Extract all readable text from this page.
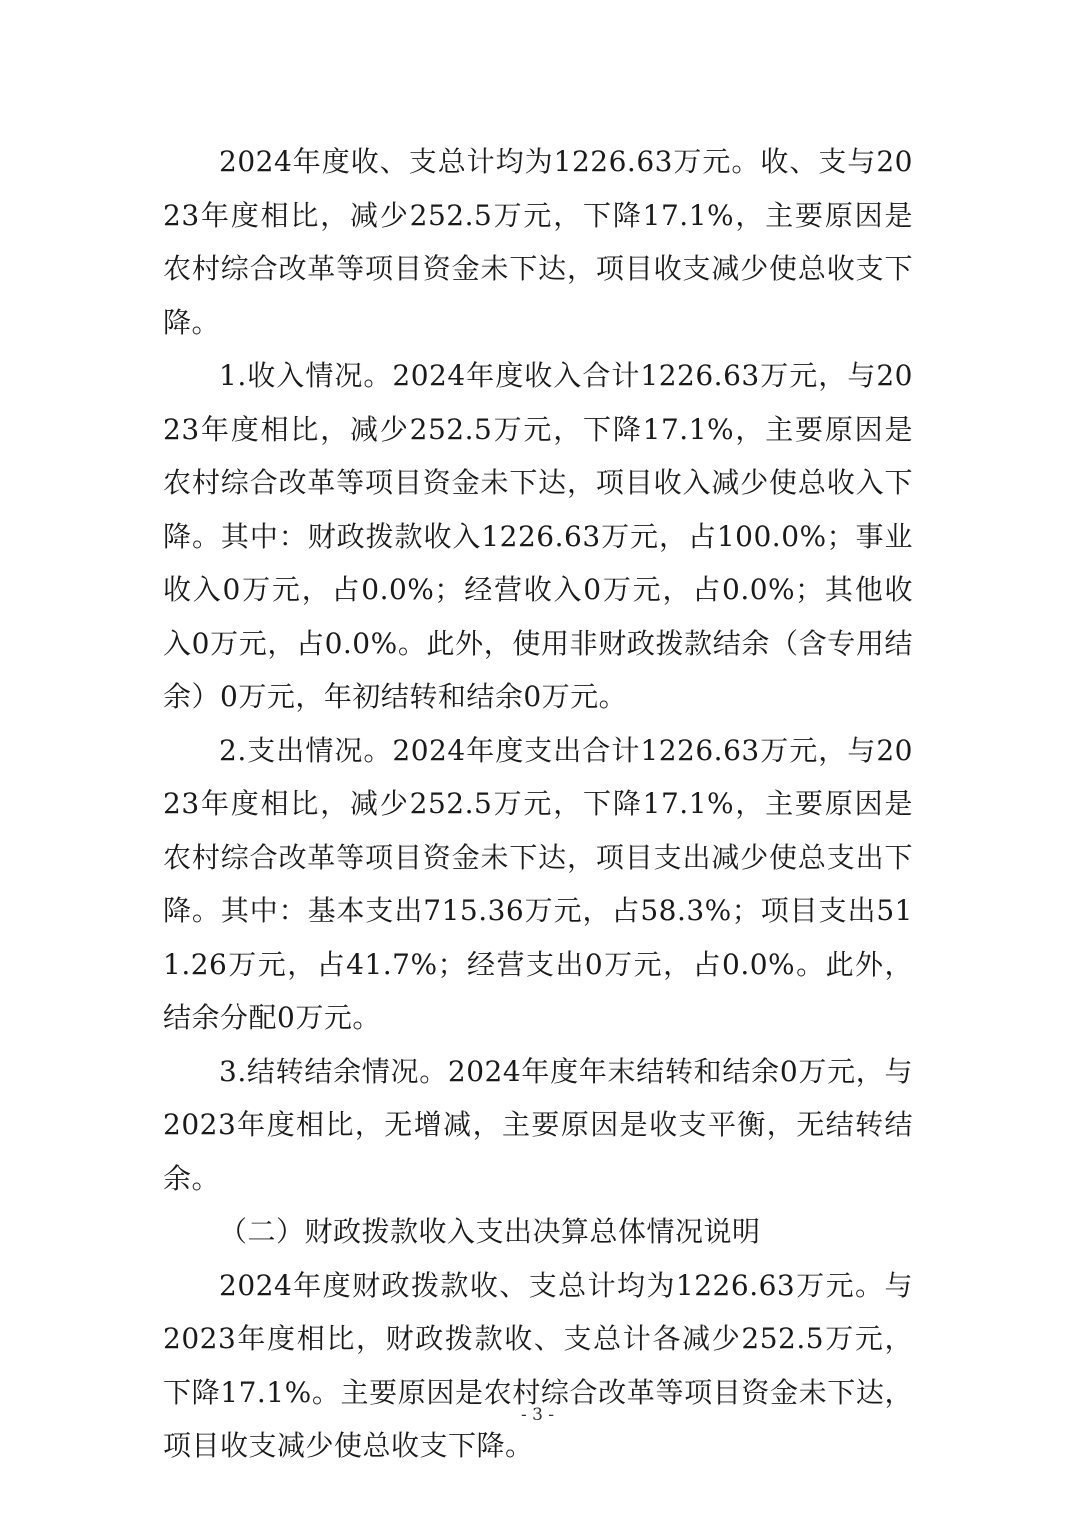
2024年度收、支总计均为1226.63万元。收、支与2023年度相比，减少252.5万元，下降17.1%，主要原因是农村综合改革等项目资金未下达，项目收支减少使总收支下降。

1.收入情况。2024年度收入合计1226.63万元，与2023年度相比，减少252.5万元，下降17.1%，主要原因是农村综合改革等项目资金未下达，项目收入减少使总收入下降。其中：财政拨款收入1226.63万元，占100.0%；事业收入0万元，占0.0%；经营收入0万元，占0.0%；其他收入0万元，占0.0%。此外，使用非财政拨款结余（含专用结余）0万元，年初结转和结余0万元。

2.支出情况。2024年度支出合计1226.63万元，与2023年度相比，减少252.5万元，下降17.1%，主要原因是农村综合改革等项目资金未下达，项目支出减少使总支出下降。其中：基本支出715.36万元，占58.3%；项目支出511.26万元，占41.7%；经营支出0万元，占0.0%。此外，结余分配0万元。

3.结转结余情况。2024年度年末结转和结余0万元，与2023年度相比，无增减，主要原因是收支平衡，无结转结余。

（二）财政拨款收入支出决算总体情况说明

2024年度财政拨款收、支总计均为1226.63万元。与2023年度相比，财政拨款收、支总计各减少252.5万元，下降17.1%。主要原因是农村综合改革等项目资金未下达，项目收支减少使总收支下降。

- 3 -
